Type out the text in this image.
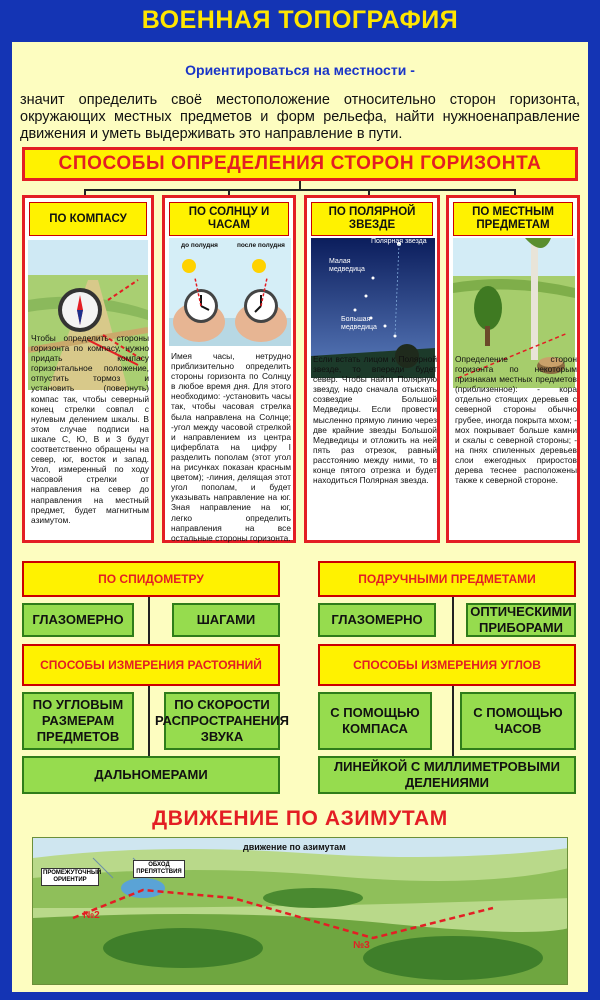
ВОЕННАЯ ТОПОГРАФИЯ
Ориентироваться на местности -
значит определить своё местоположение относительно сторон горизонта, окружающих местных предметов и форм рельефа, найти нужноенаправление движения и уметь выдерживать это направление в пути.
СПОСОБЫ ОПРЕДЕЛЕНИЯ СТОРОН ГОРИЗОНТА
ПО КОМПАСУ
Чтобы определить стороны горизонта по компасу, нужно придать компасу горизонтальное положение, отпустить тормоз и установить (повернуть) компас так, чтобы северный конец стрелки совпал с нулевым делением шкалы. В этом случае подписи на шкале С, Ю, В и З будут соответственно обращены на север, юг, восток и запад. Угол, измеренный по ходу часовой стрелки от направления на север до направления на местный предмет, будет магнитным азимутом.
ПО СОЛНЦУ И ЧАСАМ
до полудня	после полудня
Имея часы, нетрудно приблизительно определить стороны горизонта по Солнцу в любое время дня. Для этого необходимо: -установить часы так, чтобы часовая стрелка была направлена на Солнце; -угол между часовой стрелкой и направлением из центра циферблата на цифру I разделить пополам (этот угол на рисунках показан красным цветом); -линия, делящая этот угол пополам, и будет указывать направление на юг. Зная направление на юг, легко определить направления на все остальные стороны горизонта.
ПО ПОЛЯРНОЙ ЗВЕЗДЕ
Полярная звезда
Малая медведица
Большая медведица
Если встать лицом к Полярной звезде, то впереди будет север. Чтобы найти Полярную звезду, надо сначала отыскать созвездие Большой Медведицы. Если провести мысленно прямую линию через две крайние звезды Большой Медведицы и отложить на ней пять раз отрезок, равный расстоянию между ними, то в конце пятого отрезка и будет находиться Полярная звезда.
ПО МЕСТНЫМ ПРЕДМЕТАМ
Определение сторон горизонта по некоторым признакам местных предметов (приблизенное): - кора отдельно стоящих деревьев с северной стороны обычно грубее, иногда покрыта мхом; - мох покрывает больше камни и скалы с северной стороны; - на пнях спиленных деревьев слои ежегодных приростов дерева теснее расположены также к северной стороне.
ПО СПИДОМЕТРУ
ГЛАЗОМЕРНО	ШАГАМИ
СПОСОБЫ ИЗМЕРЕНИЯ РАСТОЯНИЙ
ПО УГЛОВЫМ РАЗМЕРАМ ПРЕДМЕТОВ
ПО СКОРОСТИ РАСПРОСТРАНЕНИЯ ЗВУКА
ДАЛЬНОМЕРАМИ
ПОДРУЧНЫМИ ПРЕДМЕТАМИ
ГЛАЗОМЕРНО
ОПТИЧЕСКИМИ ПРИБОРАМИ
СПОСОБЫ ИЗМЕРЕНИЯ УГЛОВ
С ПОМОЩЬЮ КОМПАСА
С ПОМОЩЬЮ ЧАСОВ
ЛИНЕЙКОЙ С МИЛЛИМЕТРОВЫМИ ДЕЛЕНИЯМИ
ДВИЖЕНИЕ ПО АЗИМУТАМ
движение по азимутам
ПРОМЕЖУТОЧНЫЙ ОРИЕНТИР
ОБХОД ПРЕПЯТСТВИЯ
№2
№3
